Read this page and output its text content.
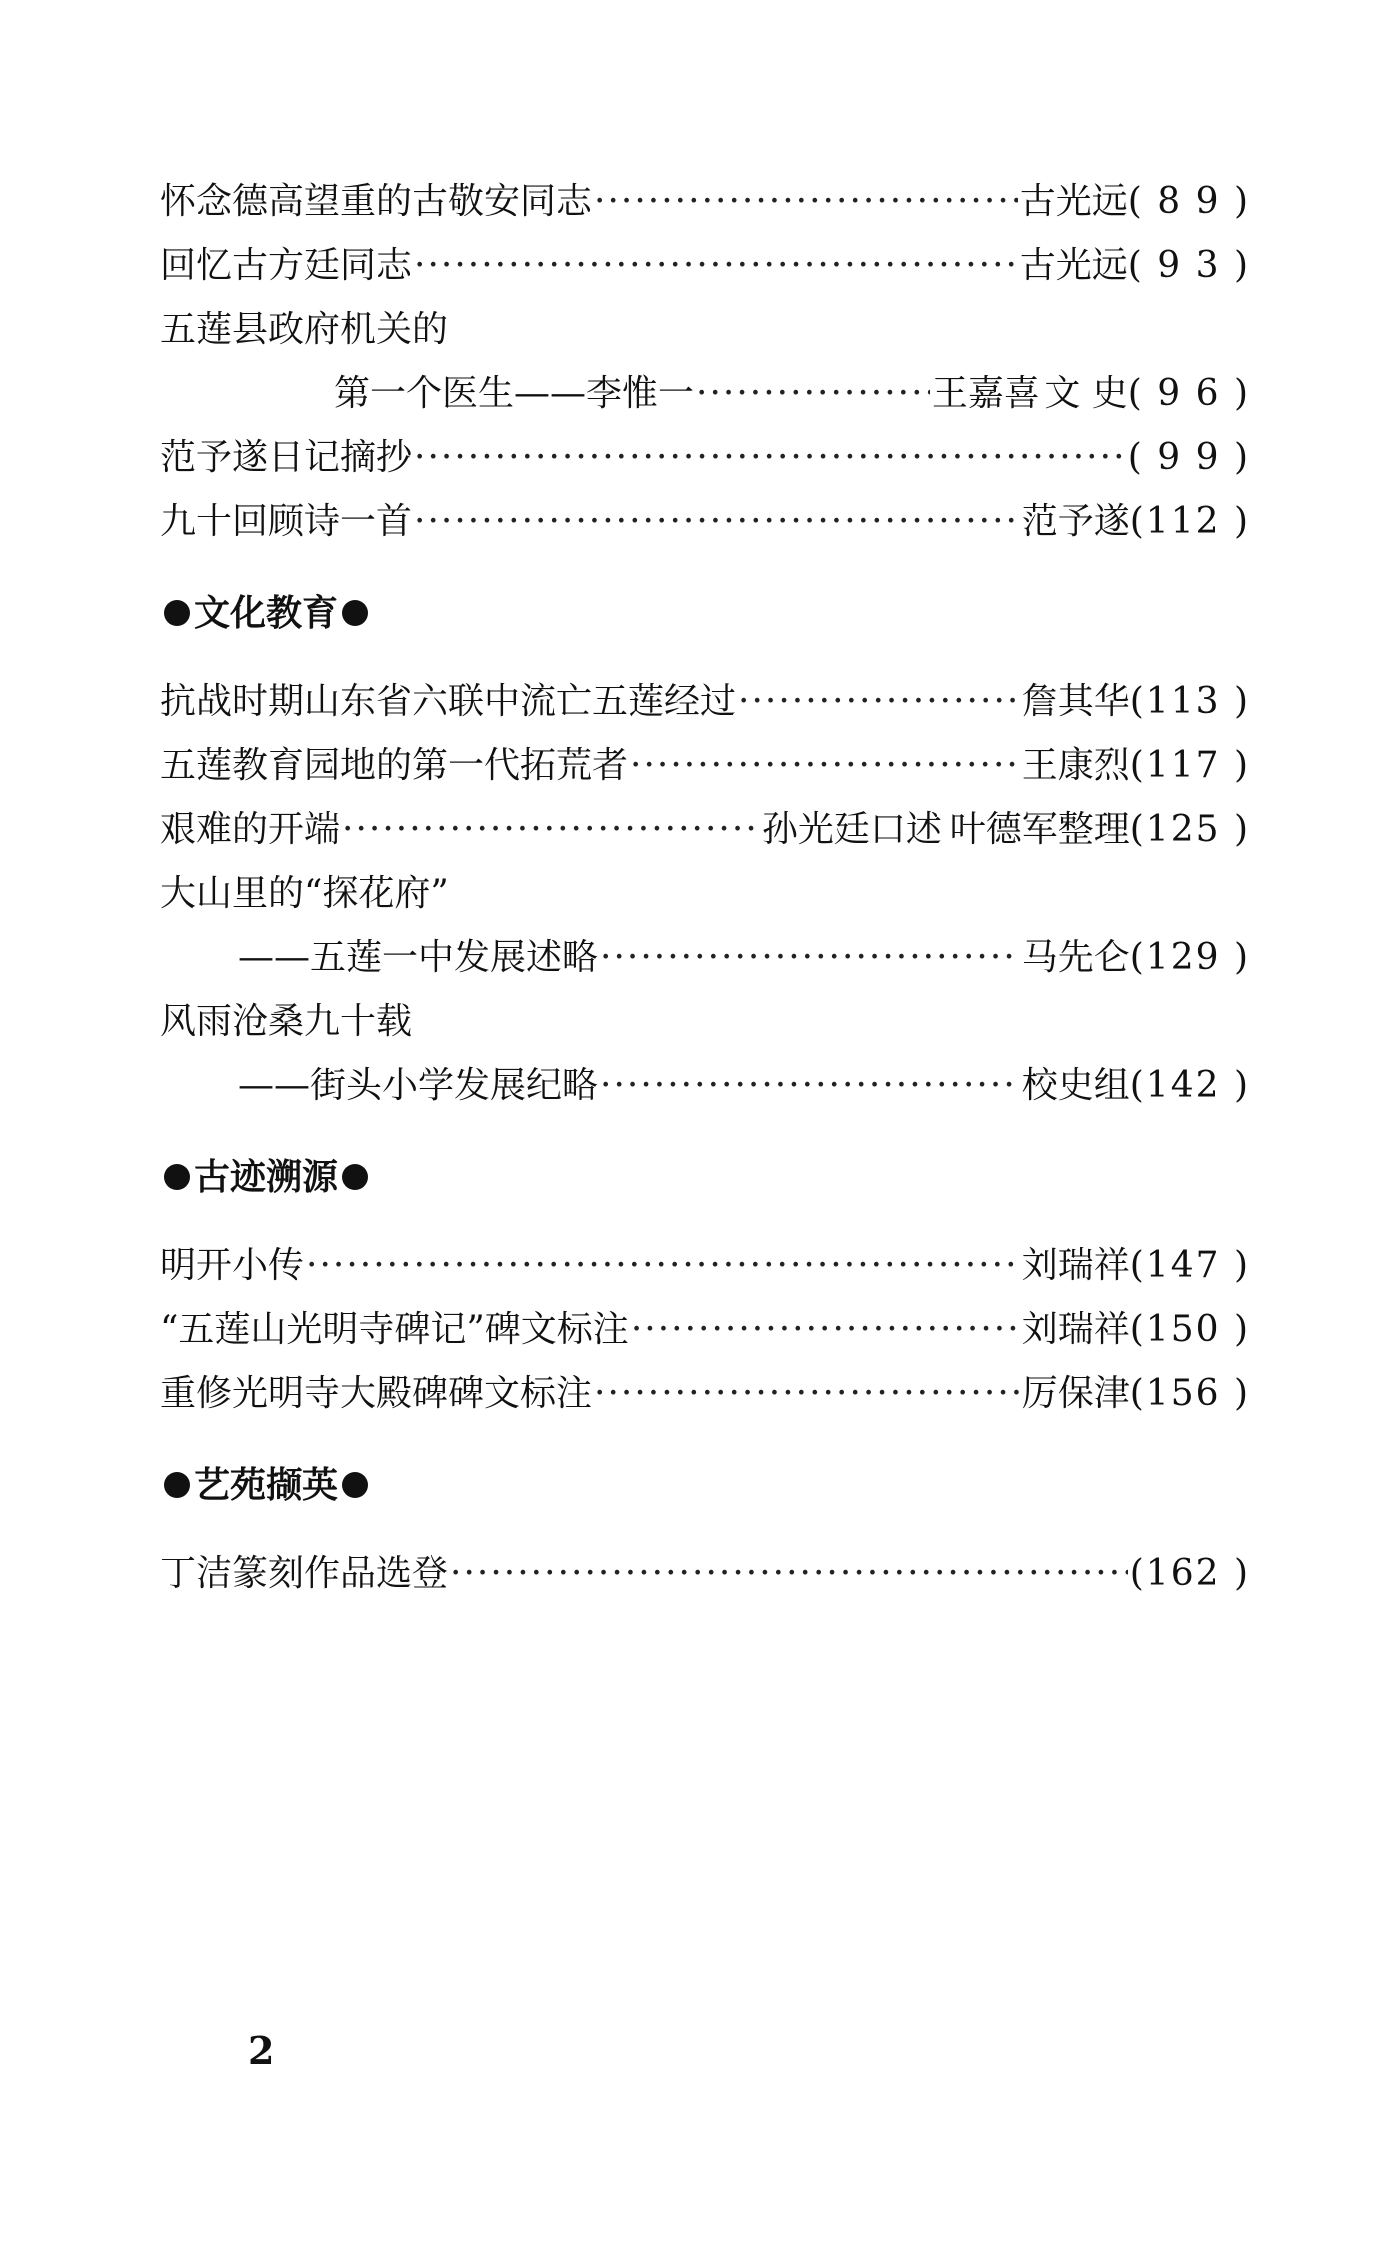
怀念德高望重的古敬安同志 ·····	古光远 ( 8 9 )
回忆古方廷同志 ·····	古光远 ( 9 3 )
五莲县政府机关的
第一个医生——李惟一 ·····	王嘉喜 文 史 ( 9 6 )
范予遂日记摘抄 ·····	( 9 9 )
九十回顾诗一首 ·····	范予遂 (112 )
文化教育
抗战时期山东省六联中流亡五莲经过 ·····	詹其华 (113 )
五莲教育园地的第一代拓荒者 ·····	王康烈 (117 )
艰难的开端 ·····	孙光廷口述 叶德军整理 (125 )
大山里的“探花府”
——五莲一中发展述略 ·····	马先仑 (129 )
风雨沧桑九十载
——街头小学发展纪略 ·····	校史组 (142 )
古迹溯源
明开小传 ·····	刘瑞祥 (147 )
“五莲山光明寺碑记”碑文标注 ·····	刘瑞祥 (150 )
重修光明寺大殿碑碑文标注 ·····	厉保津 (156 )
艺苑撷英
丁洁篆刻作品选登 ·····	(162 )
2
